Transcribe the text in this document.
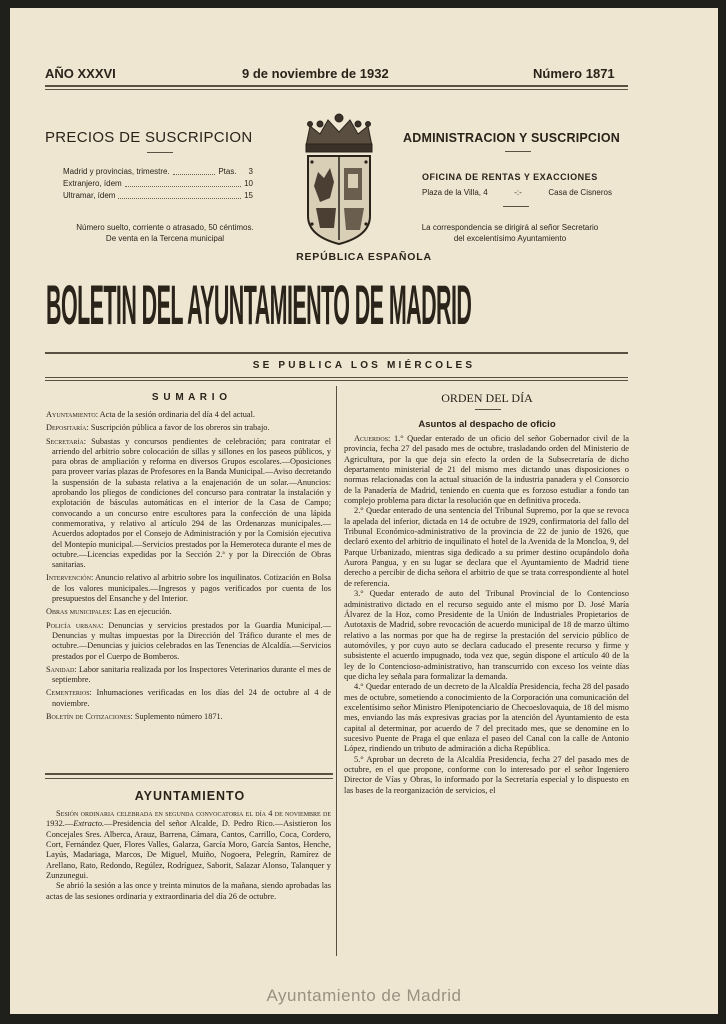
AÑO XXXVI	9 de noviembre de 1932	Número 1871
PRECIOS DE SUSCRIPCION
Madrid y provincias, trimestre.	Ptas. 3
Extranjero, ídem	10
Ultramar, ídem	15
Número suelto, corriente o atrasado, 50 céntimos.
De venta en la Tercena municipal
ADMINISTRACION Y SUSCRIPCION
OFICINA DE RENTAS Y EXACCIONES
Plaza de la Villa, 4	-:-	Casa de Cisneros
La correspondencia se dirigirá al señor Secretario
del excelentísimo Ayuntamiento
REPÚBLICA ESPAÑOLA
BOLETIN DEL AYUNTAMIENTO DE MADRID
SE PUBLICA LOS MIÉRCOLES
S U M A R I O

Ayuntamiento: Acta de la sesión ordinaria del día 4 del actual.

Depositaría: Suscripción pública a favor de los obreros sin trabajo.

Secretaría: Subastas y concursos pendientes de celebración; para contratar el arriendo del arbitrio sobre colocación de sillas y sillones en los paseos públicos, y para obras de ampliación y reforma en diversos Grupos escolares.—Oposiciones para proveer varias plazas de Profesores en la Banda Municipal.—Aviso decretando la suspensión de la subasta relativa a la enajenación de un solar.—Anuncios: aprobando los pliegos de condiciones del concurso para contratar la instalación y explotación de básculas automáticas en el interior de la Casa de Campo; convocando a un concurso entre escultores para la confección de una lápida conmemorativa, y relativo al artículo 294 de las Ordenanzas municipales.—Acuerdos adoptados por el Consejo de Administración y por la Comisión ejecutiva del Montepío municipal.—Servicios prestados por la Hemeroteca durante el mes de octubre.—Licencias expedidas por la Sección 2.ª y por la Dirección de Obras sanitarias.

Intervención: Anuncio relativo al arbitrio sobre los inquilinatos. Cotización en Bolsa de los valores municipales.—Ingresos y pagos verificados por cuenta de los presupuestos del Ensanche y del Interior.

Obras municipales: Las en ejecución.

Policía urbana: Denuncias y servicios prestados por la Guardia Municipal.—Denuncias y multas impuestas por la Dirección del Tráfico durante el mes de octubre.—Denuncias y juicios celebrados en las Tenencias de Alcaldía.—Servicios prestados por el Cuerpo de Bomberos.

Sanidad: Labor sanitaria realizada por los Inspectores Veterinarios durante el mes de septiembre.

Cementerios: Inhumaciones verificadas en los días del 24 de octubre al 4 de noviembre.

Boletín de Cotizaciones: Suplemento número 1871.

AYUNTAMIENTO

Sesión ordinaria celebrada en segunda convocatoria el día 4 de noviembre de 1932.—Extracto.—Presidencia del señor Alcalde, D. Pedro Rico.—Asistieron los Concejales Sres. Alberca, Arauz, Barrena, Cámara, Cantos, Carrillo, Coca, Cordero, Cort, Fernández Quer, Flores Valles, Galarza, García Moro, García Santos, Henche, Layús, Madariaga, Marcos, De Miguel, Muiño, Nogoera, Pelegrín, Ramírez de Arellano, Rato, Redondo, Regúlez, Rodríguez, Saborit, Salazar Alonso, Talanquer y Zunzunegui.

Se abrió la sesión a las once y treinta minutos de la mañana, siendo aprobadas las actas de las sesiones ordinaria y extraordinaria del día 26 de octubre.

ORDEN DEL DÍA
Asuntos al despacho de oficio

Acuerdos: 1.° Quedar enterado de un oficio del señor Gobernador civil de la provincia, fecha 27 del pasado mes de octubre, trasladando orden del Ministerio de Agricultura, por la que deja sin efecto la orden de la Subsecretaría de dicho departamento ministerial de 21 del mismo mes dictando unas disposiciones o normas relacionadas con la actual situación de la industria panadera y el Consorcio de la Panadería de Madrid, teniendo en cuenta que es forzoso estudiar a fondo tan complejo problema para dictar la resolución que en definitiva proceda.

2.° Quedar enterado de una sentencia del Tribunal Supremo, por la que se revoca la apelada del inferior, dictada en 14 de octubre de 1929, confirmatoria del fallo del Tribunal Económico-administrativo de la provincia de 22 de junio de 1926, que declaró exento del arbitrio de inquilinato el hotel de la Avenida de la Moncloa, 9, del Parque Urbanizado, mientras siga dedicado a su primer destino ocupándolo doña Aurora Pangua, y en su lugar se declara que el Ayuntamiento de Madrid tiene derecho a percibir de dicha señora el arbitrio de que se trata correspondiente al hotel de referencia.

3.° Quedar enterado de auto del Tribunal Provincial de lo Contencioso administrativo dictado en el recurso seguido ante el mismo por D. José María Álvarez de la Hoz, como Presidente de la Unión de Industriales Propietarios de Autotaxis de Madrid, sobre revocación de acuerdo municipal de 18 de marzo último relativo a las normas por que ha de regirse la prestación del servicio público de automóviles, y por cuyo auto se declara caducado el presente recurso y firme y subsistente el acuerdo impugnado, toda vez que, según dispone el artículo 40 de la ley de lo Contencioso-administrativo, han transcurrido con exceso los veinte días que dicha ley señala para formalizar la demanda.

4.° Quedar enterado de un decreto de la Alcaldía Presidencia, fecha 28 del pasado mes de octubre, sometiendo a conocimiento de la Corporación una comunicación del excelentísimo señor Ministro Plenipotenciario de Checoeslovaquia, de 18 del mismo mes, enviando las más expresivas gracias por la atención del Ayuntamiento de esta capital al determinar, por acuerdo de 7 del precitado mes, que se denomine en lo sucesivo Puente de Praga el que enlaza el paseo del Canal con la calle de Antonio López, rindiendo un tributo de admiración a dicha República.

5.° Aprobar un decreto de la Alcaldía Presidencia, fecha 27 del pasado mes de octubre, en el que propone, conforme con lo interesado por el señor Ingeniero Director de Vías y Obras, lo informado por la Secretaría especial y lo dispuesto en las bases de la reorganización de servicios, el

Ayuntamiento de Madrid
